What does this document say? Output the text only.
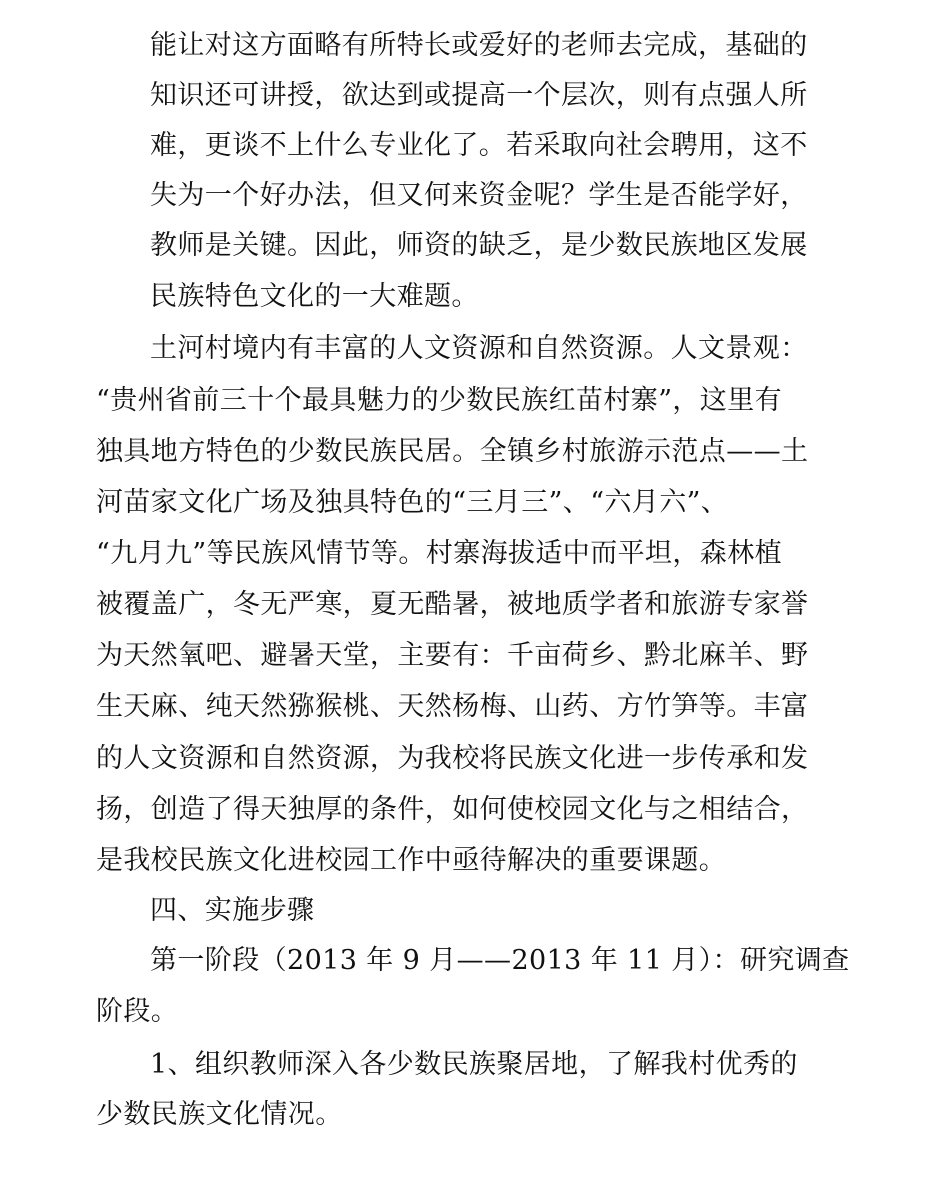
能让对这方面略有所特长或爱好的老师去完成，基础的
知识还可讲授，欲达到或提高一个层次，则有点强人所
难，更谈不上什么专业化了。若采取向社会聘用，这不
失为一个好办法，但又何来资金呢？学生是否能学好，
教师是关键。因此，师资的缺乏，是少数民族地区发展
民族特色文化的一大难题。
土河村境内有丰富的人文资源和自然资源。人文景观：
“贵州省前三十个最具魅力的少数民族红苗村寨”，这里有
独具地方特色的少数民族民居。全镇乡村旅游示范点——土
河苗家文化广场及独具特色的“三月三”、“六月六”、
“九月九”等民族风情节等。村寨海拔适中而平坦，森林植
被覆盖广，冬无严寒，夏无酷暑，被地质学者和旅游专家誉
为天然氧吧、避暑天堂，主要有：千亩荷乡、黔北麻羊、野
生天麻、纯天然猕猴桃、天然杨梅、山药、方竹笋等。丰富
的人文资源和自然资源，为我校将民族文化进一步传承和发
扬，创造了得天独厚的条件，如何使校园文化与之相结合，
是我校民族文化进校园工作中亟待解决的重要课题。
四、实施步骤
第一阶段（2013 年 9 月——2013 年 11 月）：研究调查
阶段。
1、组织教师深入各少数民族聚居地，了解我村优秀的
少数民族文化情况。
